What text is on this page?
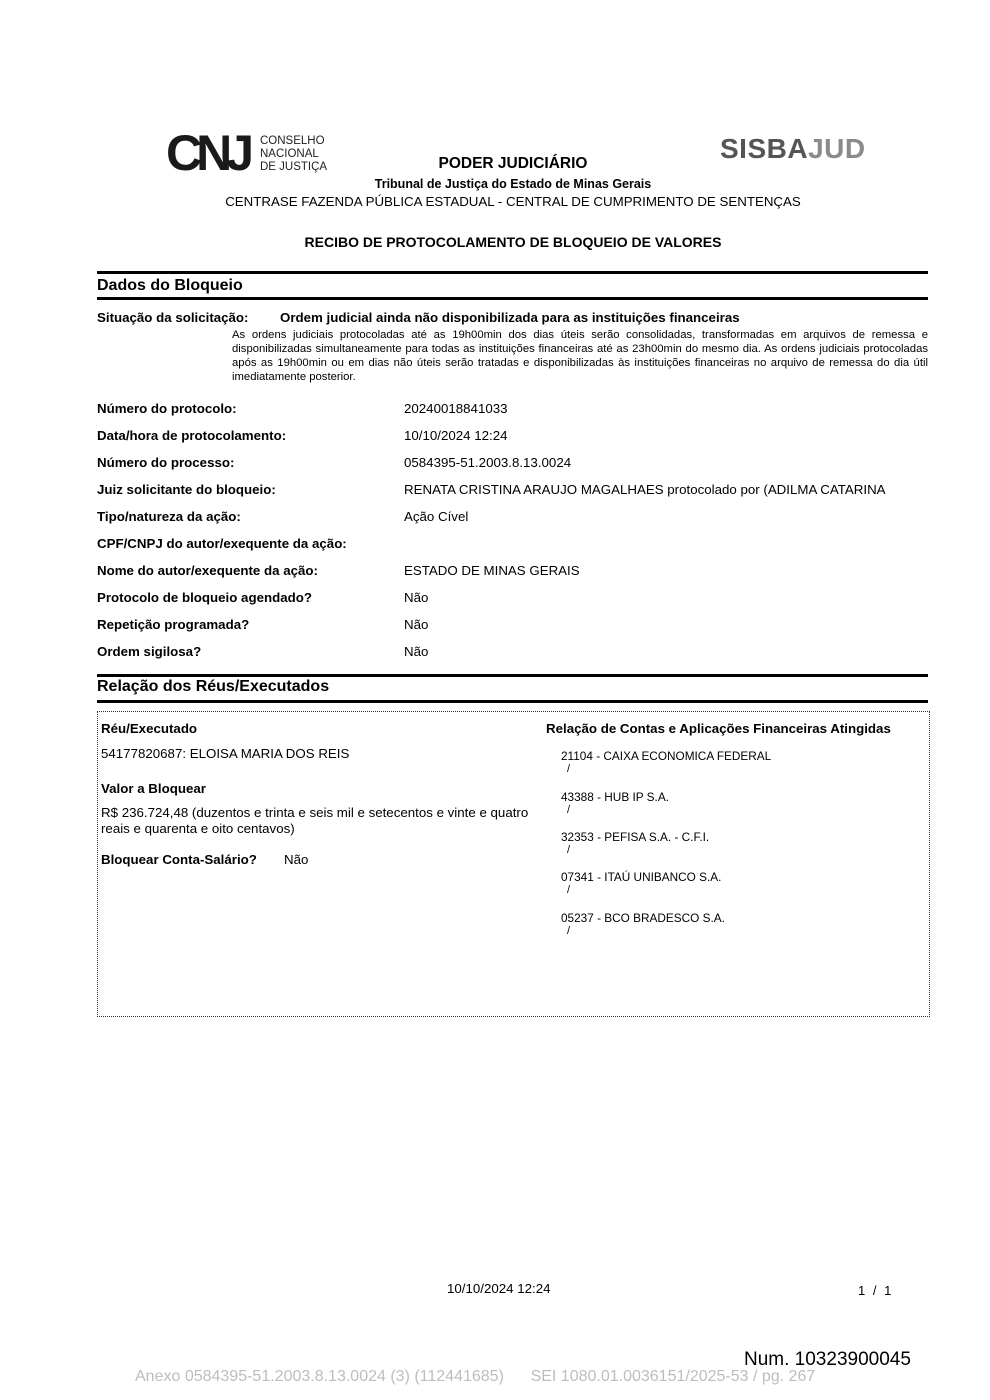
CNJ	CONSELHO
NACIONAL
DE JUSTIÇA
SISBAJUD
PODER JUDICIÁRIO
Tribunal de Justiça do Estado de Minas Gerais
CENTRASE FAZENDA PÚBLICA ESTADUAL - CENTRAL DE CUMPRIMENTO DE SENTENÇAS
RECIBO DE PROTOCOLAMENTO DE BLOQUEIO DE VALORES
Dados do Bloqueio
Situação da solicitação: Ordem judicial ainda não disponibilizada para as instituições financeiras
As ordens judiciais protocoladas até as 19h00min dos dias úteis serão consolidadas, transformadas em arquivos de remessa e disponibilizadas simultaneamente para todas as instituições financeiras até as 23h00min do mesmo dia. As ordens judiciais protocoladas após as 19h00min ou em dias não úteis serão tratadas e disponibilizadas às instituições financeiras no arquivo de remessa do dia útil imediatamente posterior.
Número do protocolo:	20240018841033
Data/hora de protocolamento:	10/10/2024 12:24
Número do processo:	0584395-51.2003.8.13.0024
Juiz solicitante do bloqueio:	RENATA CRISTINA ARAUJO MAGALHAES protocolado por (ADILMA CATARINA
Tipo/natureza da ação:	Ação Cível
CPF/CNPJ do autor/exequente da ação:
Nome do autor/exequente da ação:	ESTADO DE MINAS GERAIS
Protocolo de bloqueio agendado?	Não
Repetição programada?	Não
Ordem sigilosa?	Não
Relação dos Réus/Executados
Réu/Executado	Relação de Contas e Aplicações Financeiras Atingidas
54177820687: ELOISA MARIA DOS REIS
Valor a Bloquear
R$ 236.724,48 (duzentos e trinta e seis mil e setecentos e vinte e quatro
reais e quarenta e oito centavos)
Bloquear Conta-Salário? Não
21104 - CAIXA ECONOMICA FEDERAL
/
43388 - HUB IP S.A.
/
32353 - PEFISA S.A. - C.F.I.
/
07341 - ITAÚ UNIBANCO S.A.
/
05237 - BCO BRADESCO S.A.
/
10/10/2024 12:24	1 / 1
Num. 10323900045
Anexo 0584395-51.2003.8.13.0024 (3) (112441685)      SEI 1080.01.0036151/2025-53 / pg. 267
